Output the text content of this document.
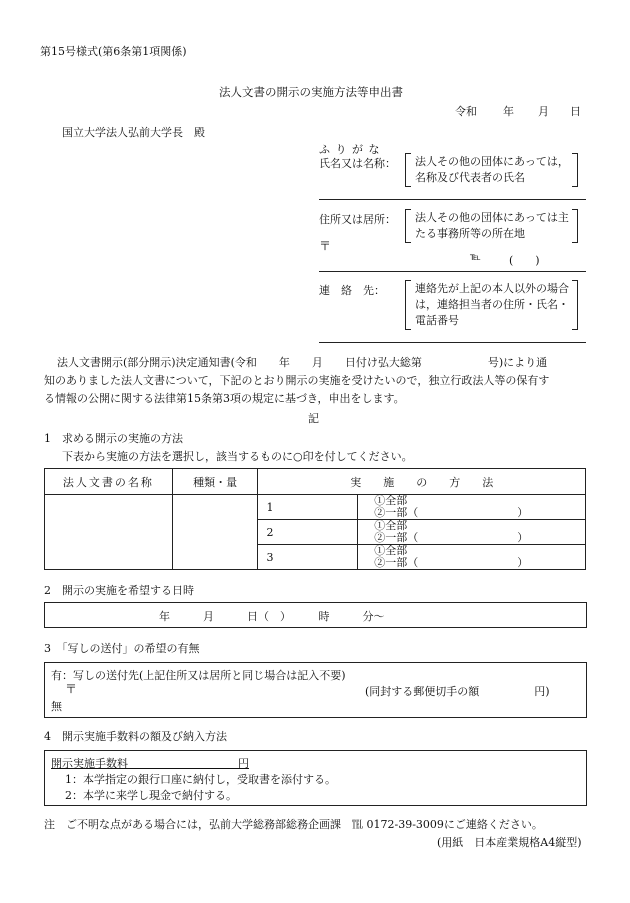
第15号様式(第6条第1項関係)
法人文書の開示の実施方法等申出書
令和 年 月 日
国立大学法人弘前大学長　殿
ふ り が な
氏名又は名称： 法人その他の団体にあっては，名称及び代表者の氏名
住所又は居所： 法人その他の団体にあっては主たる事務所等の所在地
〒
℡	(　　)
連　絡　先：	連絡先が上記の本人以外の場合は，連絡担当者の住所・氏名・電話番号
法人文書開示(部分開示)決定通知書(令和　　年　　月　　日付け弘大総第　　　　　　号)により通
知のありました法人文書について，下記のとおり開示の実施を受けたいので，独立行政法人等の保有す
る情報の公開に関する法律第15条第3項の規定に基づき，申出をします。
記
1　求める開示の実施の方法
下表から実施の方法を選択し，該当するものに○印を付してください。
法人文書の名称	種類・量	実　　施　　の　　方　　法	
		1	①全部
②一部（　　　　　　　　　）

		2	①全部
②一部（　　　　　　　　　）

		3	①全部
②一部（　　　　　　　　　）
2　開示の実施を希望する日時
年　　　月　　　日（　）　　　時　　　分～
3　「写しの送付」の希望の有無
有：写しの送付先(上記住所又は居所と同じ場合は記入不要)
〒	(同封する郵便切手の額　　　　　円)
無
4　開示実施手数料の額及び納入方法
開示実施手数料　　　　　　　　　　円
1：本学指定の銀行口座に納付し，受取書を添付する。
2：本学に来学し現金で納付する。
注　ご不明な点がある場合には，弘前大学総務部総務企画課　℡ 0172-39-3009にご連絡ください。
(用紙　日本産業規格A4縦型)
